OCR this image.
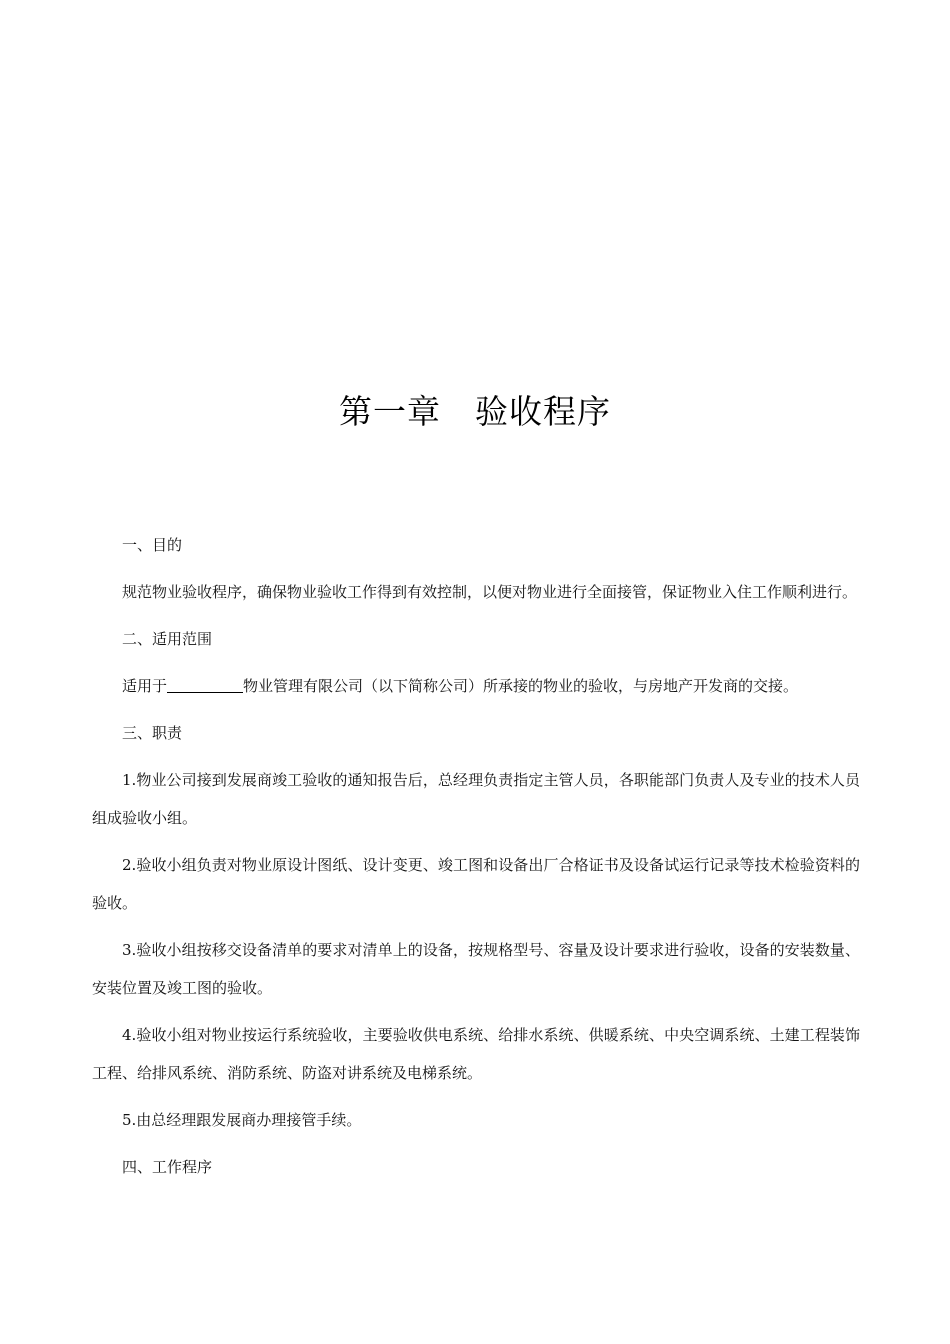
第一章　验收程序

一、目的

规范物业验收程序，确保物业验收工作得到有效控制，以便对物业进行全面接管，保证物业入住工作顺利进行。

二、适用范围

适用于	物业管理有限公司（以下简称公司）所承接的物业的验收，与房地产开发商的交接。

三、职责

1.物业公司接到发展商竣工验收的通知报告后，总经理负责指定主管人员，各职能部门负责人及专业的技术人员组成验收小组。

2.验收小组负责对物业原设计图纸、设计变更、竣工图和设备出厂合格证书及设备试运行记录等技术检验资料的验收。

3.验收小组按移交设备清单的要求对清单上的设备，按规格型号、容量及设计要求进行验收，设备的安装数量、安装位置及竣工图的验收。

4.验收小组对物业按运行系统验收，主要验收供电系统、给排水系统、供暖系统、中央空调系统、土建工程装饰工程、给排风系统、消防系统、防盗对讲系统及电梯系统。

5.由总经理跟发展商办理接管手续。

四、工作程序
